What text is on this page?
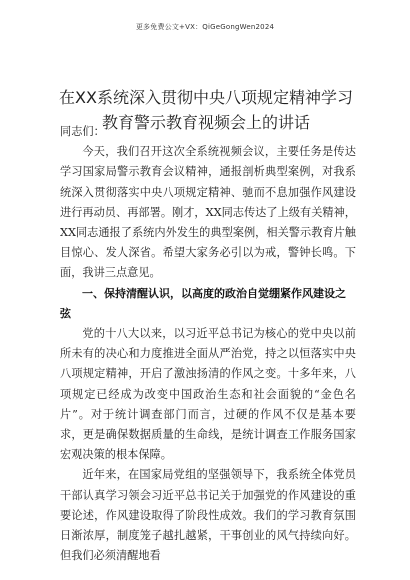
更多免费公文+VX：QiGeGongWen2024
在XX系统深入贯彻中央八项规定精神学习教育警示教育视频会上的讲话

同志们：

今天，我们召开这次全系统视频会议，主要任务是传达学习国家局警示教育会议精神，通报剖析典型案例，对我系统深入贯彻落实中央八项规定精神、驰而不息加强作风建设进行再动员、再部署。刚才，XX同志传达了上级有关精神，XX同志通报了系统内外发生的典型案例，相关警示教育片触目惊心、发人深省。希望大家务必引以为戒，警钟长鸣。下面，我讲三点意见。

一、保持清醒认识，以高度的政治自觉绷紧作风建设之弦

党的十八大以来，以习近平总书记为核心的党中央以前所未有的决心和力度推进全面从严治党，持之以恒落实中央八项规定精神，开启了激浊扬清的作风之变。十多年来，八项规定已经成为改变中国政治生态和社会面貌的“金色名片”。对于统计调查部门而言，过硬的作风不仅是基本要求，更是确保数据质量的生命线，是统计调查工作服务国家宏观决策的根本保障。

近年来，在国家局党组的坚强领导下，我系统全体党员干部认真学习领会习近平总书记关于加强党的作风建设的重要论述，作风建设取得了阶段性成效。我们的学习教育氛围日渐浓厚，制度笼子越扎越紧，干事创业的风气持续向好。但我们必须清醒地看
